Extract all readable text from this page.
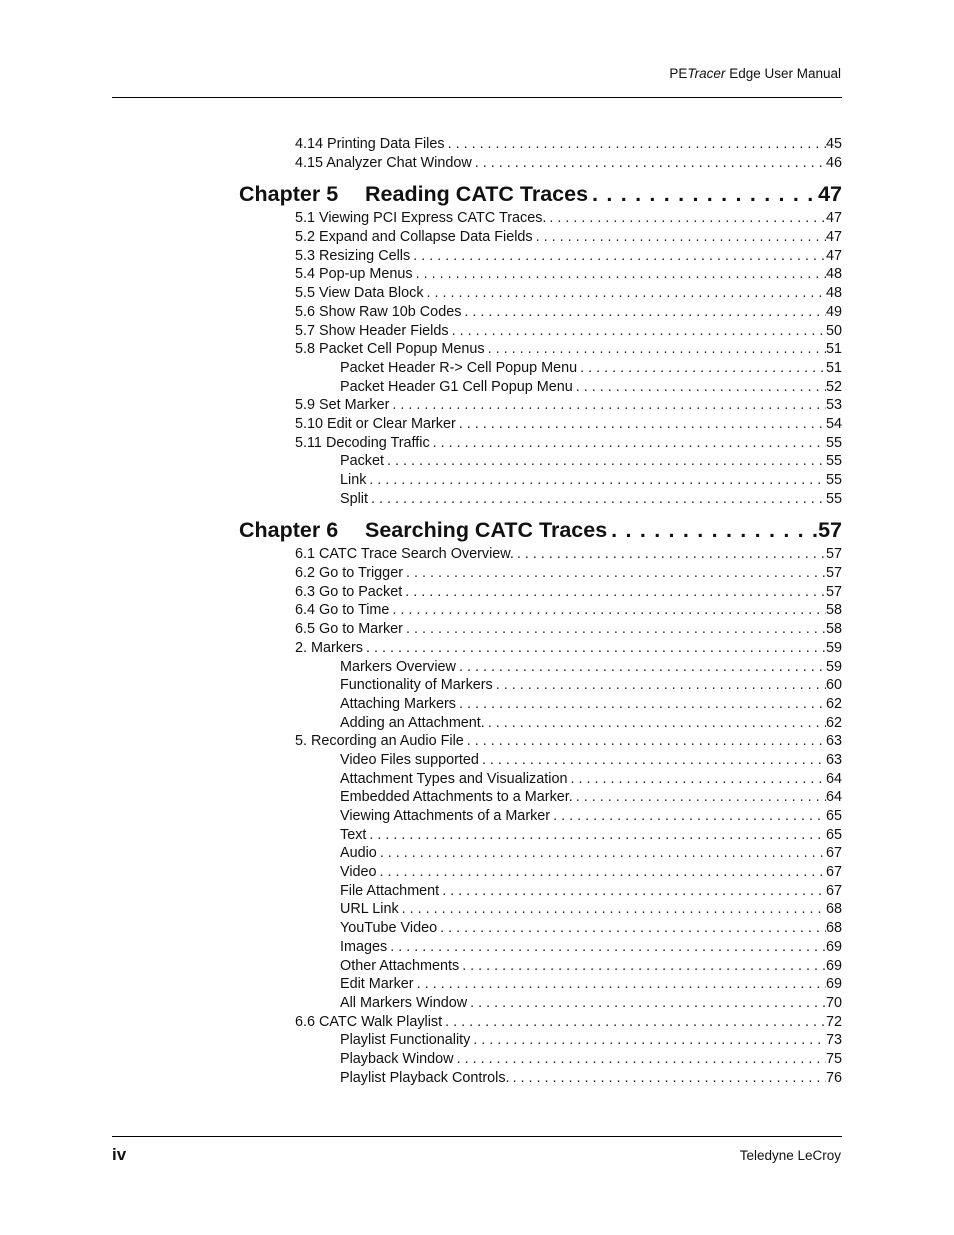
PETracer Edge User Manual
4.14 Printing Data Files . . .	45
4.15 Analyzer Chat Window . . .	46
Chapter 5	Reading CATC Traces . . .	47
5.1 Viewing PCI Express CATC Traces. . . .	47
5.2 Expand and Collapse Data Fields . . .	47
5.3 Resizing Cells . . .	47
5.4 Pop-up Menus . . .	48
5.5 View Data Block . . .	48
5.6 Show Raw 10b Codes . . .	49
5.7 Show Header Fields . . .	50
5.8 Packet Cell Popup Menus . . .	51
Packet Header R-> Cell Popup Menu . . .	51
Packet Header G1 Cell Popup Menu . . .	52
5.9 Set Marker . . .	53
5.10 Edit or Clear Marker . . .	54
5.11 Decoding Traffic . . .	55
Packet . . .	55
Link . . .	55
Split . . .	55
Chapter 6	Searching CATC Traces . . .	57
6.1 CATC Trace Search Overview. . . .	57
6.2 Go to Trigger . . .	57
6.3 Go to Packet . . .	57
6.4 Go to Time . . .	58
6.5 Go to Marker . . .	58
2. Markers . . .	59
Markers Overview . . .	59
Functionality of Markers . . .	60
Attaching Markers . . .	62
Adding an Attachment. . . .	62
5. Recording an Audio File . . .	63
Video Files supported . . .	63
Attachment Types and Visualization . . .	64
Embedded Attachments to a Marker. . . .	64
Viewing Attachments of a Marker . . .	65
Text . . .	65
Audio . . .	67
Video . . .	67
File Attachment . . .	67
URL Link . . .	68
YouTube Video . . .	68
Images . . .	69
Other Attachments . . .	69
Edit Marker . . .	69
All Markers Window . . .	70
6.6 CATC Walk Playlist . . .	72
Playlist Functionality . . .	73
Playback Window . . .	75
Playlist Playback Controls. . . .	76
iv	Teledyne LeCroy
